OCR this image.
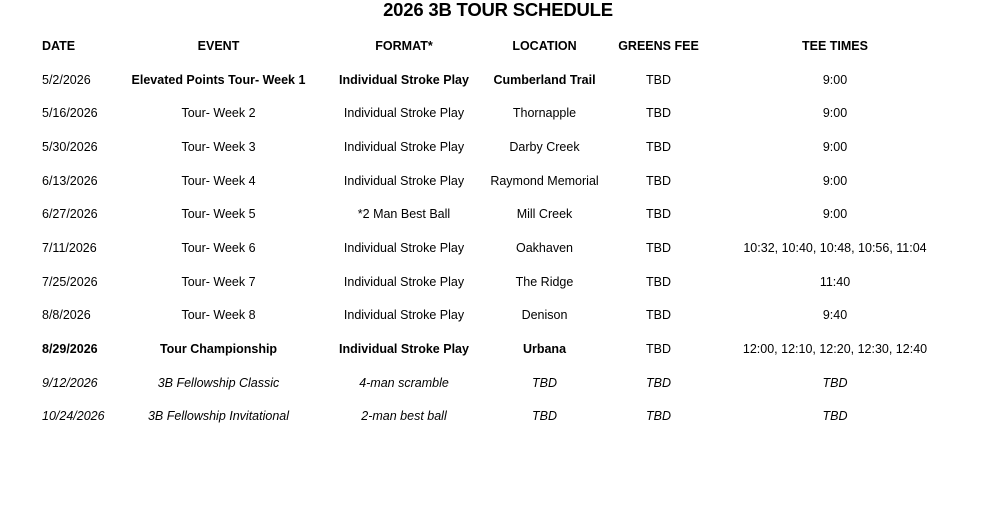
2026 3B TOUR SCHEDULE
DATE	EVENT	FORMAT*	LOCATION	GREENS FEE	TEE TIMES
5/2/2026	Elevated Points Tour- Week 1	Individual Stroke Play	Cumberland Trail	TBD	9:00
5/16/2026	Tour- Week 2	Individual Stroke Play	Thornapple	TBD	9:00
5/30/2026	Tour- Week 3	Individual Stroke Play	Darby Creek	TBD	9:00
6/13/2026	Tour- Week 4	Individual Stroke Play	Raymond Memorial	TBD	9:00
6/27/2026	Tour- Week 5	*2 Man Best Ball	Mill Creek	TBD	9:00
7/11/2026	Tour- Week 6	Individual Stroke Play	Oakhaven	TBD	10:32, 10:40, 10:48, 10:56, 11:04
7/25/2026	Tour- Week 7	Individual Stroke Play	The Ridge	TBD	11:40
8/8/2026	Tour- Week 8	Individual Stroke Play	Denison	TBD	9:40
8/29/2026	Tour Championship	Individual Stroke Play	Urbana	TBD	12:00, 12:10, 12:20, 12:30, 12:40
9/12/2026	3B Fellowship Classic	4-man scramble	TBD	TBD	TBD
10/24/2026	3B Fellowship Invitational	2-man best ball	TBD	TBD	TBD
